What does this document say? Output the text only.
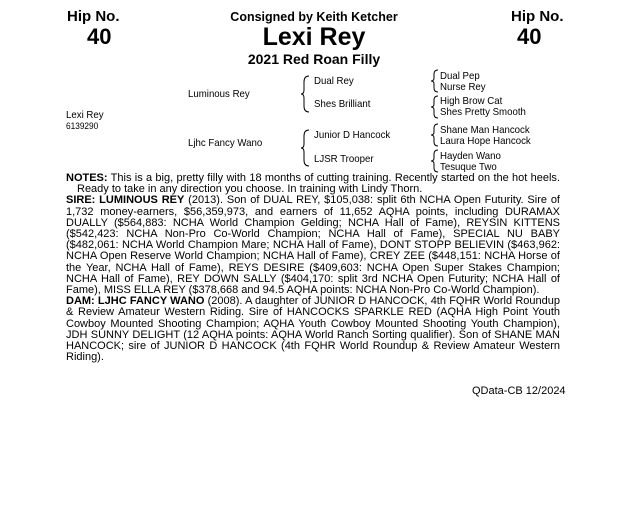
Hip No.
40
Hip No.
40
Consigned by Keith Ketcher
Lexi Rey
2021 Red Roan Filly
Lexi Rey
6139290
Luminous Rey
Ljhc Fancy Wano
Dual Rey
Shes Brilliant
Junior D Hancock
LJSR Trooper
Dual Pep
Nurse Rey
High Brow Cat
Shes Pretty Smooth
Shane Man Hancock
Laura Hope Hancock
Hayden Wano
Tesuque Two

NOTES: This is a big, pretty filly with 18 months of cutting training. Recently started on the hot heels. Ready to take in any direction you choose. In training with Lindy Thorn.

SIRE: LUMINOUS REY (2013). Son of DUAL REY, $105,038: split 6th NCHA Open Futurity. Sire of 1,732 money-earners, $56,359,973, and earners of 11,652 AQHA points, including DURAMAX DUALLY ($564,883: NCHA World Champion Gelding; NCHA Hall of Fame), REYSIN KITTENS ($542,423: NCHA Non-Pro Co-World Champion; NCHA Hall of Fame), SPECIAL NU BABY ($482,061: NCHA World Champion Mare; NCHA Hall of Fame), DONT STOPP BELIEVIN ($463,962: NCHA Open Reserve World Champion; NCHA Hall of Fame), CREY ZEE ($448,151: NCHA Horse of the Year, NCHA Hall of Fame), REYS DESIRE ($409,603: NCHA Open Super Stakes Champion; NCHA Hall of Fame), REY DOWN SALLY ($404,170: split 3rd NCHA Open Futurity; NCHA Hall of Fame), MISS ELLA REY ($378,668 and 94.5 AQHA points: NCHA Non-Pro Co-World Champion).

DAM: LJHC FANCY WANO (2008). A daughter of JUNIOR D HANCOCK, 4th FQHR World Roundup & Review Amateur Western Riding. Sire of HANCOCKS SPARKLE RED (AQHA High Point Youth Cowboy Mounted Shooting Champion; AQHA Youth Cowboy Mounted Shooting Youth Champion), JDH SUNNY DELIGHT (12 AQHA points: AQHA World Ranch Sorting qualifier). Son of SHANE MAN HANCOCK; sire of JUNIOR D HANCOCK (4th FQHR World Roundup & Review Amateur Western Riding).

QData-CB 12/2024
